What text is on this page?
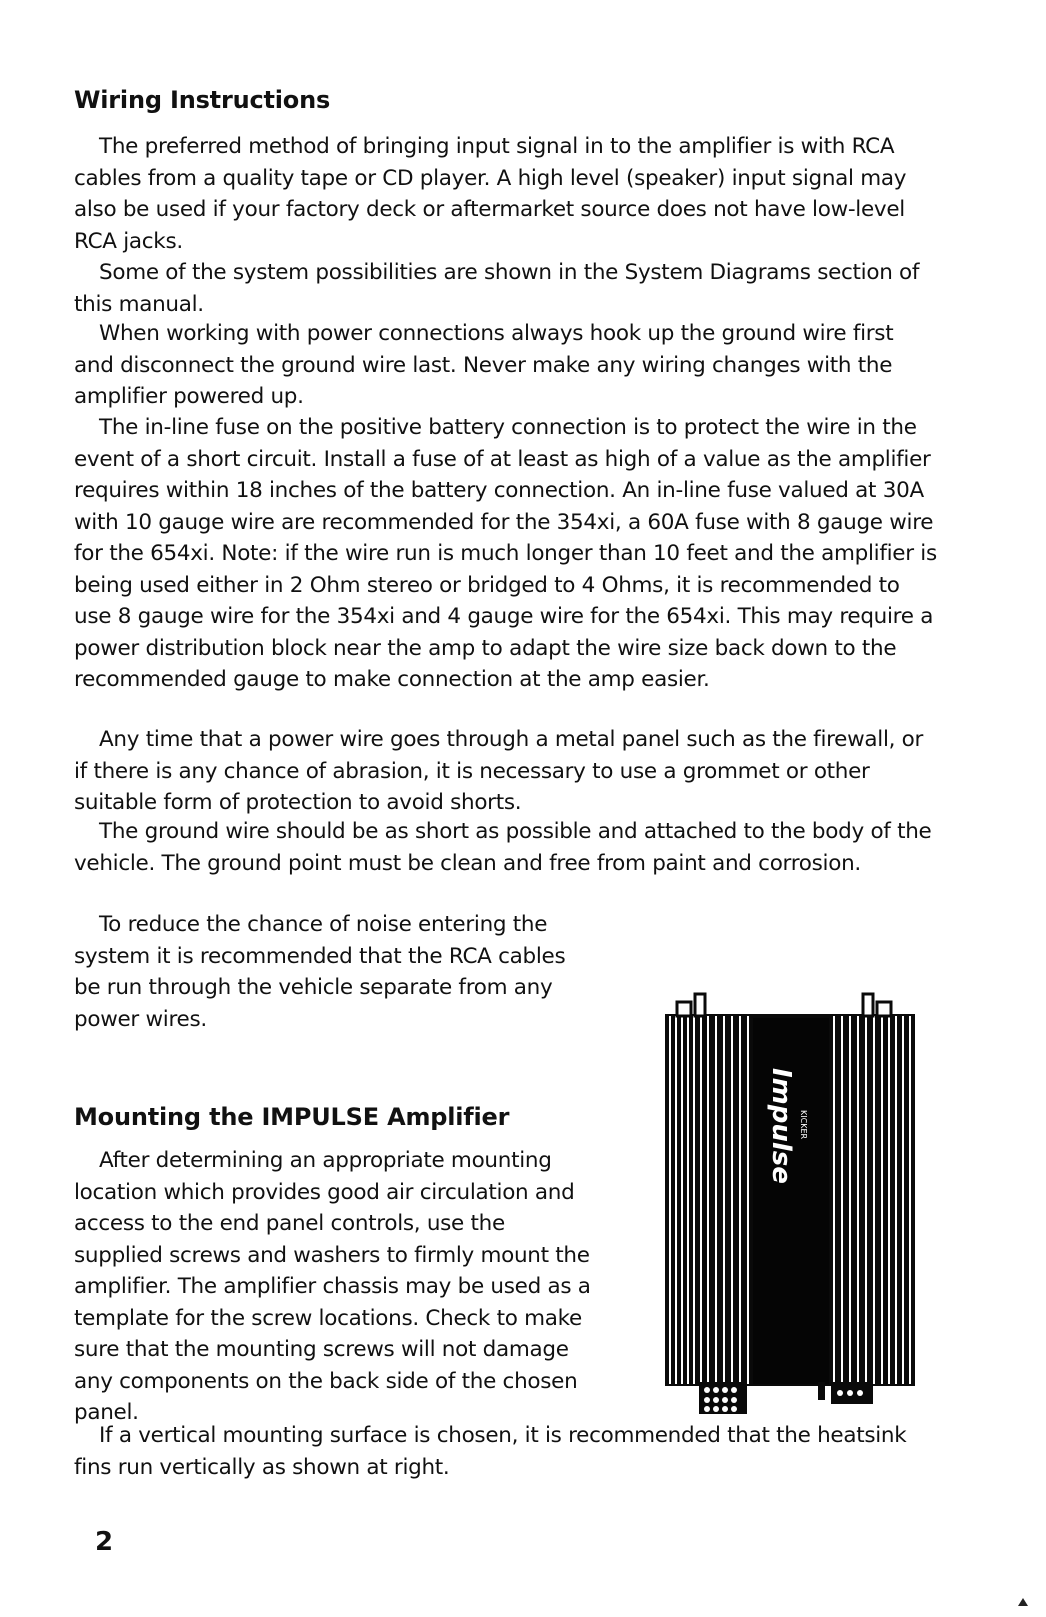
Wiring Instructions

The preferred method of bringing input signal in to the amplifier is with RCA cables from a quality tape or CD player. A high level (speaker) input signal may also be used if your factory deck or aftermarket source does not have low-level RCA jacks.

Some of the system possibilities are shown in the System Diagrams section of this manual.

When working with power connections always hook up the ground wire first and disconnect the ground wire last. Never make any wiring changes with the amplifier powered up.

The in-line fuse on the positive battery connection is to protect the wire in the event of a short circuit. Install a fuse of at least as high of a value as the amplifier requires within 18 inches of the battery connection. An in-line fuse valued at 30A with 10 gauge wire are recommended for the 354xi, a 60A fuse with 8 gauge wire for the 654xi. Note: if the wire run is much longer than 10 feet and the amplifier is being used either in 2 Ohm stereo or bridged to 4 Ohms, it is recommended to use 8 gauge wire for the 354xi and 4 gauge wire for the 654xi. This may require a power distribution block near the amp to adapt the wire size back down to the recommended gauge to make connection at the amp easier.

Any time that a power wire goes through a metal panel such as the firewall, or if there is any chance of abrasion, it is necessary to use a grommet or other suitable form of protection to avoid shorts.

The ground wire should be as short as possible and attached to the body of the vehicle. The ground point must be clean and free from paint and corrosion.

To reduce the chance of noise entering the system it is recommended that the RCA cables be run through the vehicle separate from any power wires.

Mounting the IMPULSE Amplifier

After determining an appropriate mounting location which provides good air circulation and access to the end panel controls, use the supplied screws and washers to firmly mount the amplifier. The amplifier chassis may be used as a template for the screw locations. Check to make sure that the mounting screws will not damage any components on the back side of the chosen panel.

If a vertical mounting surface is chosen, it is recommended that the heatsink fins run vertically as shown at right.

Impulse KICKER

2
